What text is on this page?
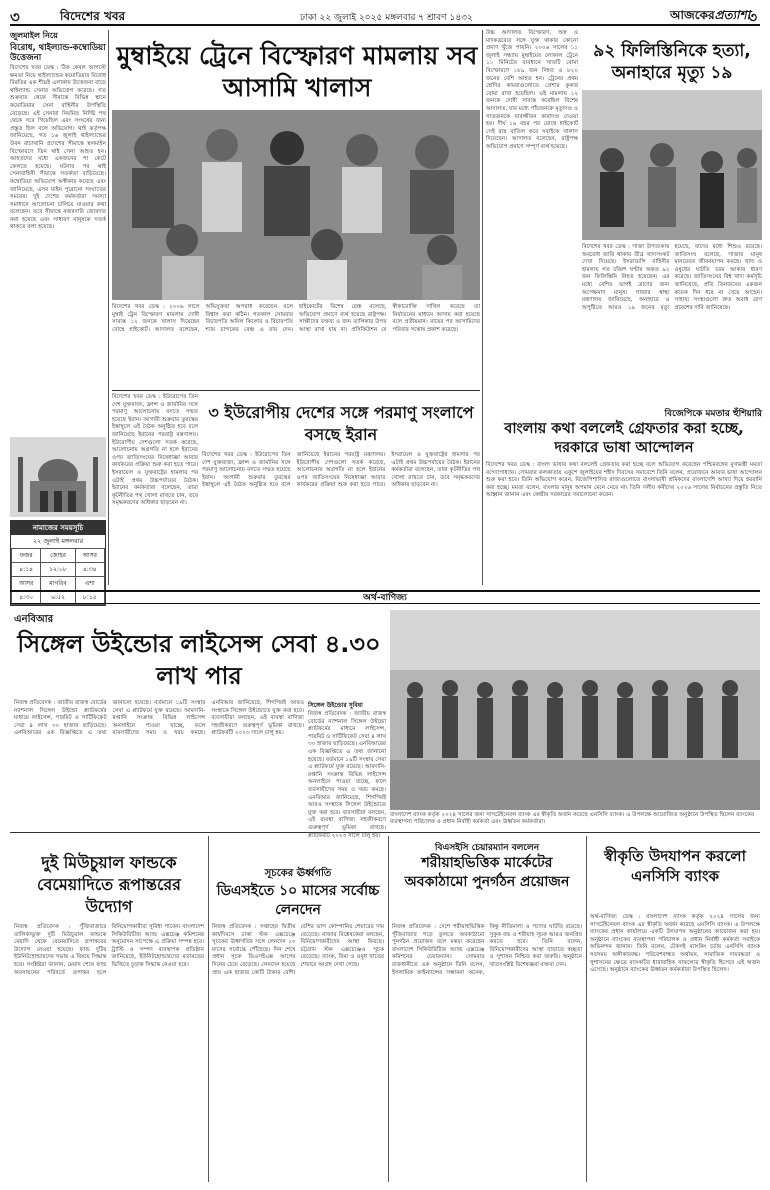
৩	বিদেশের খবর	ঢাকা ২২ জুলাই ২০২৫ মঙ্গলবার ৭ শ্রাবণ ১৪৩২	আজকেরপ্রত্যাশা
৩
জুলমাইল নিয়ে
বিরোধ, থাইল্যান্ড-কম্বোডিয়া উত্তেজনা
বিদেশের খবর ডেস্ক : ঠিক কেবল আগস্টে ক্ষমতা নিয়ে থাইল্যান্ডের কমোডিয়ার বিরোধ বিরতির এক শীঘ্রই এলাকায় উত্তেজনা বাড়ে থাইল্যান্ড সেনার অভিযোগ করেছে। গত শুক্রবার থেকে সীমান্তে বিভিন্ন স্থানে কমোডিয়ার সেনা বাহিনীর উপস্থিতি বেড়েছে। এই সেনারা নিয়মিত নির্দিষ্ট পথ থেকে সরে গিয়েছিল এবং সংঘর্ষের জন্য প্রস্তুত ছিল বলে অভিযোগ। থাই কর্তৃপক্ষ জানিয়েছে, গত ১৬ জুলাই থাইল্যান্ডের উবন রাচাথানি প্রদেশের সীমান্তে স্থলমাইন বিস্ফোরণে তিন থাই সেনা আহত হন। আহতদের মধ্যে একজনের পা কেটে ফেলতে হয়েছে। ঘটনার পর থাই সেনাবাহিনী সীমান্তে সতর্কতা বাড়িয়েছে। কম্বোডিয়া অভিযোগ অস্বীকার করেছে এবং জানিয়েছে, এসব মাইন পুরোনো সংঘাতের সময়ের। দুই দেশের কর্মকর্তারা সমস্যা সমাধানে আলোচনা চালিয়ে যাওয়ার কথা বলেছেন। তবে সীমান্তে নজরদারি জোরদার করা হয়েছে এবং সাধারণ মানুষকে সতর্ক থাকতে বলা হয়েছে।
নামাজের সময়সূচি
২২ জুলাই মঙ্গলবার
ফজর	জোহর	আসর
৪:১৪	১২:০৮	৪:৩৪
আসর	মাগরিব	এশা
৪:৩০	৬:৫২	৮:১৫
মুম্বাইয়ে ট্রেনে বিস্ফোরণ মামলায় সব আসামি খালাস
বিদেশের খবর ডেস্ক : ২০০৬ সালে মুম্বাই ট্রেন বিস্ফোরণ মামলায় দোষী সাব্যস্ত ১২ জনকে খালাস দিয়েছেন বোম্বে হাইকোর্ট। আদালত বলেছেন, অভিযুক্তরা অপরাধ করেছেন বলে বিশ্বাস করা কঠিন। গতকাল সোমবার বিচারপতি অনিল কিলোর ও বিচারপতি শ্যাম চান্দকের বেঞ্চ এ রায় দেন। হাইকোর্টের বিশেষ বেঞ্চ বলেছে, অভিযোগ প্রমাণে ব্যর্থ হয়েছে রাষ্ট্রপক্ষ। সাক্ষীদের বক্তব্য ও জব্দ তালিকার উপর আস্থা রাখা যায় না। প্রসিকিউশন যে স্বীকারোক্তি দাখিল করেছে তা নির্যাতনের মাধ্যমে আদায় করা হয়েছে বলে প্রতীয়মান। রায়ের পর আসামিদের পরিবার সন্তোষ প্রকাশ করেছে।
বিদেশের খবর ডেস্ক : ইউরোপের তিন দেশ যুক্তরাজ্য, ফ্রান্স ও জার্মানির সঙ্গে পরমাণু আলোচনায় বসতে সম্মত হয়েছে ইরান। আগামী শুক্রবার তুরস্কের ইস্তাম্বুলে এই বৈঠক অনুষ্ঠিত হবে বলে জানিয়েছে ইরানের পররাষ্ট্র মন্ত্রণালয়। ইউরোপীয় দেশগুলো সতর্ক করেছে, আলোচনায় অগ্রগতি না হলে ইরানের ওপর জাতিসংঘের নিষেধাজ্ঞা আবার কার্যকরের প্রক্রিয়া শুরু করা হতে পারে। ইসরায়েল ও যুক্তরাষ্ট্রের হামলার পর এটাই প্রথম উচ্চপর্যায়ের বৈঠক। ইরানের কর্মকর্তারা বলেছেন, তারা কূটনীতির পথ খোলা রাখতে চান, তবে সমৃদ্ধকরণের অধিকার ছাড়বেন না।
৩ ইউরোপীয় দেশের সঙ্গে পরমাণু সংলাপে বসছে ইরান
বিদেশের খবর ডেস্ক : ইউরোপের তিন দেশ যুক্তরাজ্য, ফ্রান্স ও জার্মানির সঙ্গে পরমাণু আলোচনায় বসতে সম্মত হয়েছে ইরান। আগামী শুক্রবার তুরস্কের ইস্তাম্বুলে এই বৈঠক অনুষ্ঠিত হবে বলে জানিয়েছে ইরানের পররাষ্ট্র মন্ত্রণালয়। ইউরোপীয় দেশগুলো সতর্ক করেছে, আলোচনায় অগ্রগতি না হলে ইরানের ওপর জাতিসংঘের নিষেধাজ্ঞা আবার কার্যকরের প্রক্রিয়া শুরু করা হতে পারে। ইসরায়েল ও যুক্তরাষ্ট্রের হামলার পর এটাই প্রথম উচ্চপর্যায়ের বৈঠক। ইরানের কর্মকর্তারা বলেছেন, তারা কূটনীতির পথ খোলা রাখতে চান, তবে সমৃদ্ধকরণের অধিকার ছাড়বেন না।
উচ্চ আদালত বিস্ফোরণ, অস্ত্র ও মাদকদ্রব্যের সঙ্গে যুক্ত থাকার কোনো প্রমাণ খুঁজে পায়নি। ২০০৬ সালের ১১ জুলাই সন্ধ্যায় মুম্বাইয়ের লোকাল ট্রেনে ১১ মিনিটের ব্যবধানে সাতটি বোমা বিস্ফোরণে ১৮৯ জন নিহত ও ৮২০ জনের বেশি আহত হন। ট্রেনের প্রথম শ্রেণির কামরাগুলোতে প্রেশার কুকার বোমা রাখা হয়েছিল। এই মামলায় ১২ জনকে দোষী সাব্যস্ত করেছিল বিশেষ আদালত, যার মধ্যে পাঁচজনকে মৃত্যুদণ্ড ও সাতজনকে যাবজ্জীবন কারাদণ্ড দেওয়া হয়। দীর্ঘ ১৯ বছর পর বোম্বে হাইকোর্ট সেই রায় বাতিল করে সবাইকে খালাস দিয়েছেন। আদালত বলেছেন, রাষ্ট্রপক্ষ অভিযোগ প্রমাণে সম্পূর্ণ ব্যর্থ হয়েছে।
৯২ ফিলিস্তিনিকে হত্যা, অনাহারে মৃত্যু ১৯
বিদেশের খবর ডেস্ক : গাজা উপত্যকায় অবরোধ জারি থাকায় তীব্র খাদ্যসংকট দেখা দিয়েছে। ইসরায়েলি বাহিনীর হামলায় গত চব্বিশ ঘণ্টায় অন্তত ৯২ জন ফিলিস্তিনি নিহত হয়েছেন। এর মধ্যে বেশির ভাগই ত্রাণের জন্য অপেক্ষমাণ মানুষ। গাজার স্বাস্থ্য মন্ত্রণালয় জানিয়েছে, অনাহারে ও অপুষ্টিতে আরও ১৯ জনের মৃত্যু হয়েছে, যাদের মধ্যে শিশুও রয়েছে। জাতিসংঘ বলেছে, গাজার মানুষ মানবেতর জীবনযাপন করছে। খাদ্য ও ওষুধের ঘাটতি চরম আকার ধারণ করেছে। জাতিসংঘের বিশ্ব খাদ্য কর্মসূচি জানিয়েছে, প্রতি তিনজনের একজন কয়েক দিন ধরে না খেয়ে আছেন। সাহায্য সংস্থাগুলো দ্রুত অবাধ ত্রাণ প্রবেশের দাবি জানিয়েছে।
বিজেপিকে মমতার হুঁশিয়ারি
বাংলায় কথা বললেই গ্রেফতার করা হচ্ছে, দরকারে ভাষা আন্দোলন
বিদেশের খবর ডেস্ক : বাংলা ভাষায় কথা বললেই গ্রেফতার করা হচ্ছে বলে অভিযোগ করেছেন পশ্চিমবঙ্গের মুখ্যমন্ত্রী মমতা বন্দ্যোপাধ্যায়। সোমবার কলকাতায় একুশে জুলাইয়ের শহীদ দিবসের সমাবেশে তিনি বলেন, প্রয়োজনে আবার ভাষা আন্দোলন শুরু করা হবে। তিনি অভিযোগ করেন, বিজেপিশাসিত রাজ্যগুলোতে বাংলাভাষী শ্রমিকদের বাংলাদেশি আখ্যা দিয়ে হয়রানি করা হচ্ছে। মমতা বলেন, বাংলার মানুষ অপমান মেনে নেবে না। তিনি দলীয় কর্মীদের ২০২৬ সালের নির্বাচনের প্রস্তুতি নিতে আহ্বান জানান এবং কেন্দ্রীয় সরকারের সমালোচনা করেন।
অর্থ-বাণিজ্য
এনবিআর
সিঙ্গেল উইন্ডোর লাইসেন্স সেবা ৪.৩০ লাখ পার
নিজস্ব প্রতিবেদক : জাতীয় রাজস্ব বোর্ডের ন্যাশনাল সিঙ্গেল উইন্ডো প্ল্যাটফর্মের মাধ্যমে লাইসেন্স, পারমিট ও সার্টিফিকেট সেবা ৪ লাখ ৩০ হাজার ছাড়িয়েছে। এনবিআরের এক বিজ্ঞপ্তিতে এ তথ্য জানানো হয়েছে। বর্তমানে ১৯টি সংস্থার সেবা এ প্ল্যাটফর্মে যুক্ত রয়েছে। আমদানি-রপ্তানি সংক্রান্ত বিভিন্ন লাইসেন্স অনলাইনে পাওয়া যাচ্ছে, ফলে ব্যবসায়ীদের সময় ও খরচ কমছে। এনবিআর জানিয়েছে, শিগগিরই আরও সংস্থাকে সিঙ্গেল উইন্ডোতে যুক্ত করা হবে। ব্যবসায়ীরা বলছেন, এই ব্যবস্থা বাণিজ্য সহজীকরণে গুরুত্বপূর্ণ ভূমিকা রাখছে। প্ল্যাটফর্মটি ২০২৩ সালে চালু হয়।
সিঙ্গেল উইন্ডোর সুবিধা
নিজস্ব প্রতিবেদক : জাতীয় রাজস্ব বোর্ডের ন্যাশনাল সিঙ্গেল উইন্ডো প্ল্যাটফর্মের মাধ্যমে লাইসেন্স, পারমিট ও সার্টিফিকেট সেবা ৪ লাখ ৩০ হাজার ছাড়িয়েছে। এনবিআরের এক বিজ্ঞপ্তিতে এ তথ্য জানানো হয়েছে। বর্তমানে ১৯টি সংস্থার সেবা এ প্ল্যাটফর্মে যুক্ত রয়েছে। আমদানি-রপ্তানি সংক্রান্ত বিভিন্ন লাইসেন্স অনলাইনে পাওয়া যাচ্ছে, ফলে ব্যবসায়ীদের সময় ও খরচ কমছে। এনবিআর জানিয়েছে, শিগগিরই আরও সংস্থাকে সিঙ্গেল উইন্ডোতে যুক্ত করা হবে। ব্যবসায়ীরা বলছেন, এই ব্যবস্থা বাণিজ্য সহজীকরণে গুরুত্বপূর্ণ ভূমিকা রাখছে। প্ল্যাটফর্মটি ২০২৩ সালে চালু হয়।
বাংলাদেশ ব্যাংক কর্তৃক ২০২৪ সালের জন্য সাসটেইনেবল ব্যাংক এর স্বীকৃতি অর্জন করেছে এনসিসি ব্যাংক। এ উপলক্ষে আয়োজিত অনুষ্ঠানে উপস্থিত ছিলেন ব্যাংকের ব্যবস্থাপনা পরিচালক ও প্রধান নির্বাহী কর্মকর্তা এবং ঊর্ধ্বতন কর্মকর্তারা।
দুই মিউচুয়াল ফান্ডকে বেমেয়াদিতে রূপান্তরের উদ্যোগ
নিজস্ব প্রতিবেদক : পুঁজিবাজারে তালিকাভুক্ত দুটি মিউচুয়াল ফান্ডকে মেয়াদি থেকে বেমেয়াদিতে রূপান্তরের উদ্যোগ নেওয়া হয়েছে। ফান্ড দুটির ইউনিটহোল্ডারদের সভায় এ বিষয়ে সিদ্ধান্ত হবে। সংশ্লিষ্টরা জানান, মেয়াদ শেষে ফান্ড অবসায়নের পরিবর্তে রূপান্তর হলে বিনিয়োগকারীরা সুবিধা পাবেন। বাংলাদেশ সিকিউরিটিজ অ্যান্ড এক্সচেঞ্জ কমিশনের অনুমোদন সাপেক্ষে এ প্রক্রিয়া সম্পন্ন হবে। ট্রাস্টি ও সম্পদ ব্যবস্থাপক প্রতিষ্ঠান জানিয়েছে, ইউনিটহোল্ডারদের মতামতের ভিত্তিতে চূড়ান্ত সিদ্ধান্ত নেওয়া হবে।
সূচকের ঊর্ধ্বগতি
ডিএসইতে ১০ মাসের সর্বোচ্চ লেনদেন
নিজস্ব প্রতিবেদক : সপ্তাহের দ্বিতীয় কার্যদিবসে ঢাকা স্টক এক্সচেঞ্জে সূচকের ঊর্ধ্বগতির সঙ্গে লেনদেন ১০ মাসের সর্বোচ্চে পৌঁছেছে। দিন শেষে প্রধান সূচক ডিএসইএক্স আগের দিনের চেয়ে বেড়েছে। লেনদেন হয়েছে প্রায় এক হাজার কোটি টাকার বেশি। বেশির ভাগ কোম্পানির শেয়ারের দাম বেড়েছে। বাজার বিশ্লেষকেরা বলছেন, বিনিয়োগকারীদের আস্থা ফিরছে। চট্টগ্রাম স্টক এক্সচেঞ্জেও সূচক বেড়েছে। ব্যাংক, বিমা ও ওষুধ খাতের শেয়ারে আগ্রহ দেখা গেছে।
বিএসইসি চেয়ারম্যান বললেন
শরীয়াহভিত্তিক মার্কেটের অবকাঠামো পুনর্গঠন প্রয়োজন
নিজস্ব প্রতিবেদক : দেশে শরীয়াহভিত্তিক পুঁজিবাজার গড়ে তুলতে অবকাঠামো পুনর্গঠন প্রয়োজন বলে মন্তব্য করেছেন বাংলাদেশ সিকিউরিটিজ অ্যান্ড এক্সচেঞ্জ কমিশনের চেয়ারম্যান। সোমবার রাজধানীতে এক অনুষ্ঠানে তিনি বলেন, ইসলামিক ফাইন্যান্সের সম্ভাবনা অনেক, কিন্তু নীতিমালা ও পণ্যের ঘাটতি রয়েছে। সুকুক বন্ড ও শরীয়াহ সূচক আরও জনপ্রিয় করতে হবে। তিনি বলেন, বিনিয়োগকারীদের আস্থা বাড়াতে স্বচ্ছতা ও সুশাসন নিশ্চিত করা জরুরি। অনুষ্ঠানে খাতসংশ্লিষ্ট বিশেষজ্ঞরা বক্তব্য দেন।
স্বীকৃতি উদযাপন করলো এনসিসি ব্যাংক
অর্থ-বাণিজ্য ডেস্ক : বাংলাদেশ ব্যাংক কর্তৃক ২০২৪ সালের জন্য সাসটেইনেবল ব্যাংক এর স্বীকৃতি অর্জন করেছে এনসিসি ব্যাংক। এ উপলক্ষে ব্যাংকের প্রধান কার্যালয়ে একটি উদযাপন অনুষ্ঠানের আয়োজন করা হয়। অনুষ্ঠানে ব্যাংকের ব্যবস্থাপনা পরিচালক ও প্রধান নির্বাহী কর্মকর্তা সবাইকে অভিনন্দন জানান। তিনি বলেন, টেকসই ব্যাংকিং চর্চায় এনসিসি ব্যাংক সবসময় অঙ্গীকারবদ্ধ। পরিবেশবান্ধব অর্থায়ন, সামাজিক দায়বদ্ধতা ও সুশাসনের ক্ষেত্রে ব্যাংকটির ধারাবাহিক সাফল্যের স্বীকৃতি হিসেবে এই অর্জন এসেছে। অনুষ্ঠানে ব্যাংকের ঊর্ধ্বতন কর্মকর্তারা উপস্থিত ছিলেন।
